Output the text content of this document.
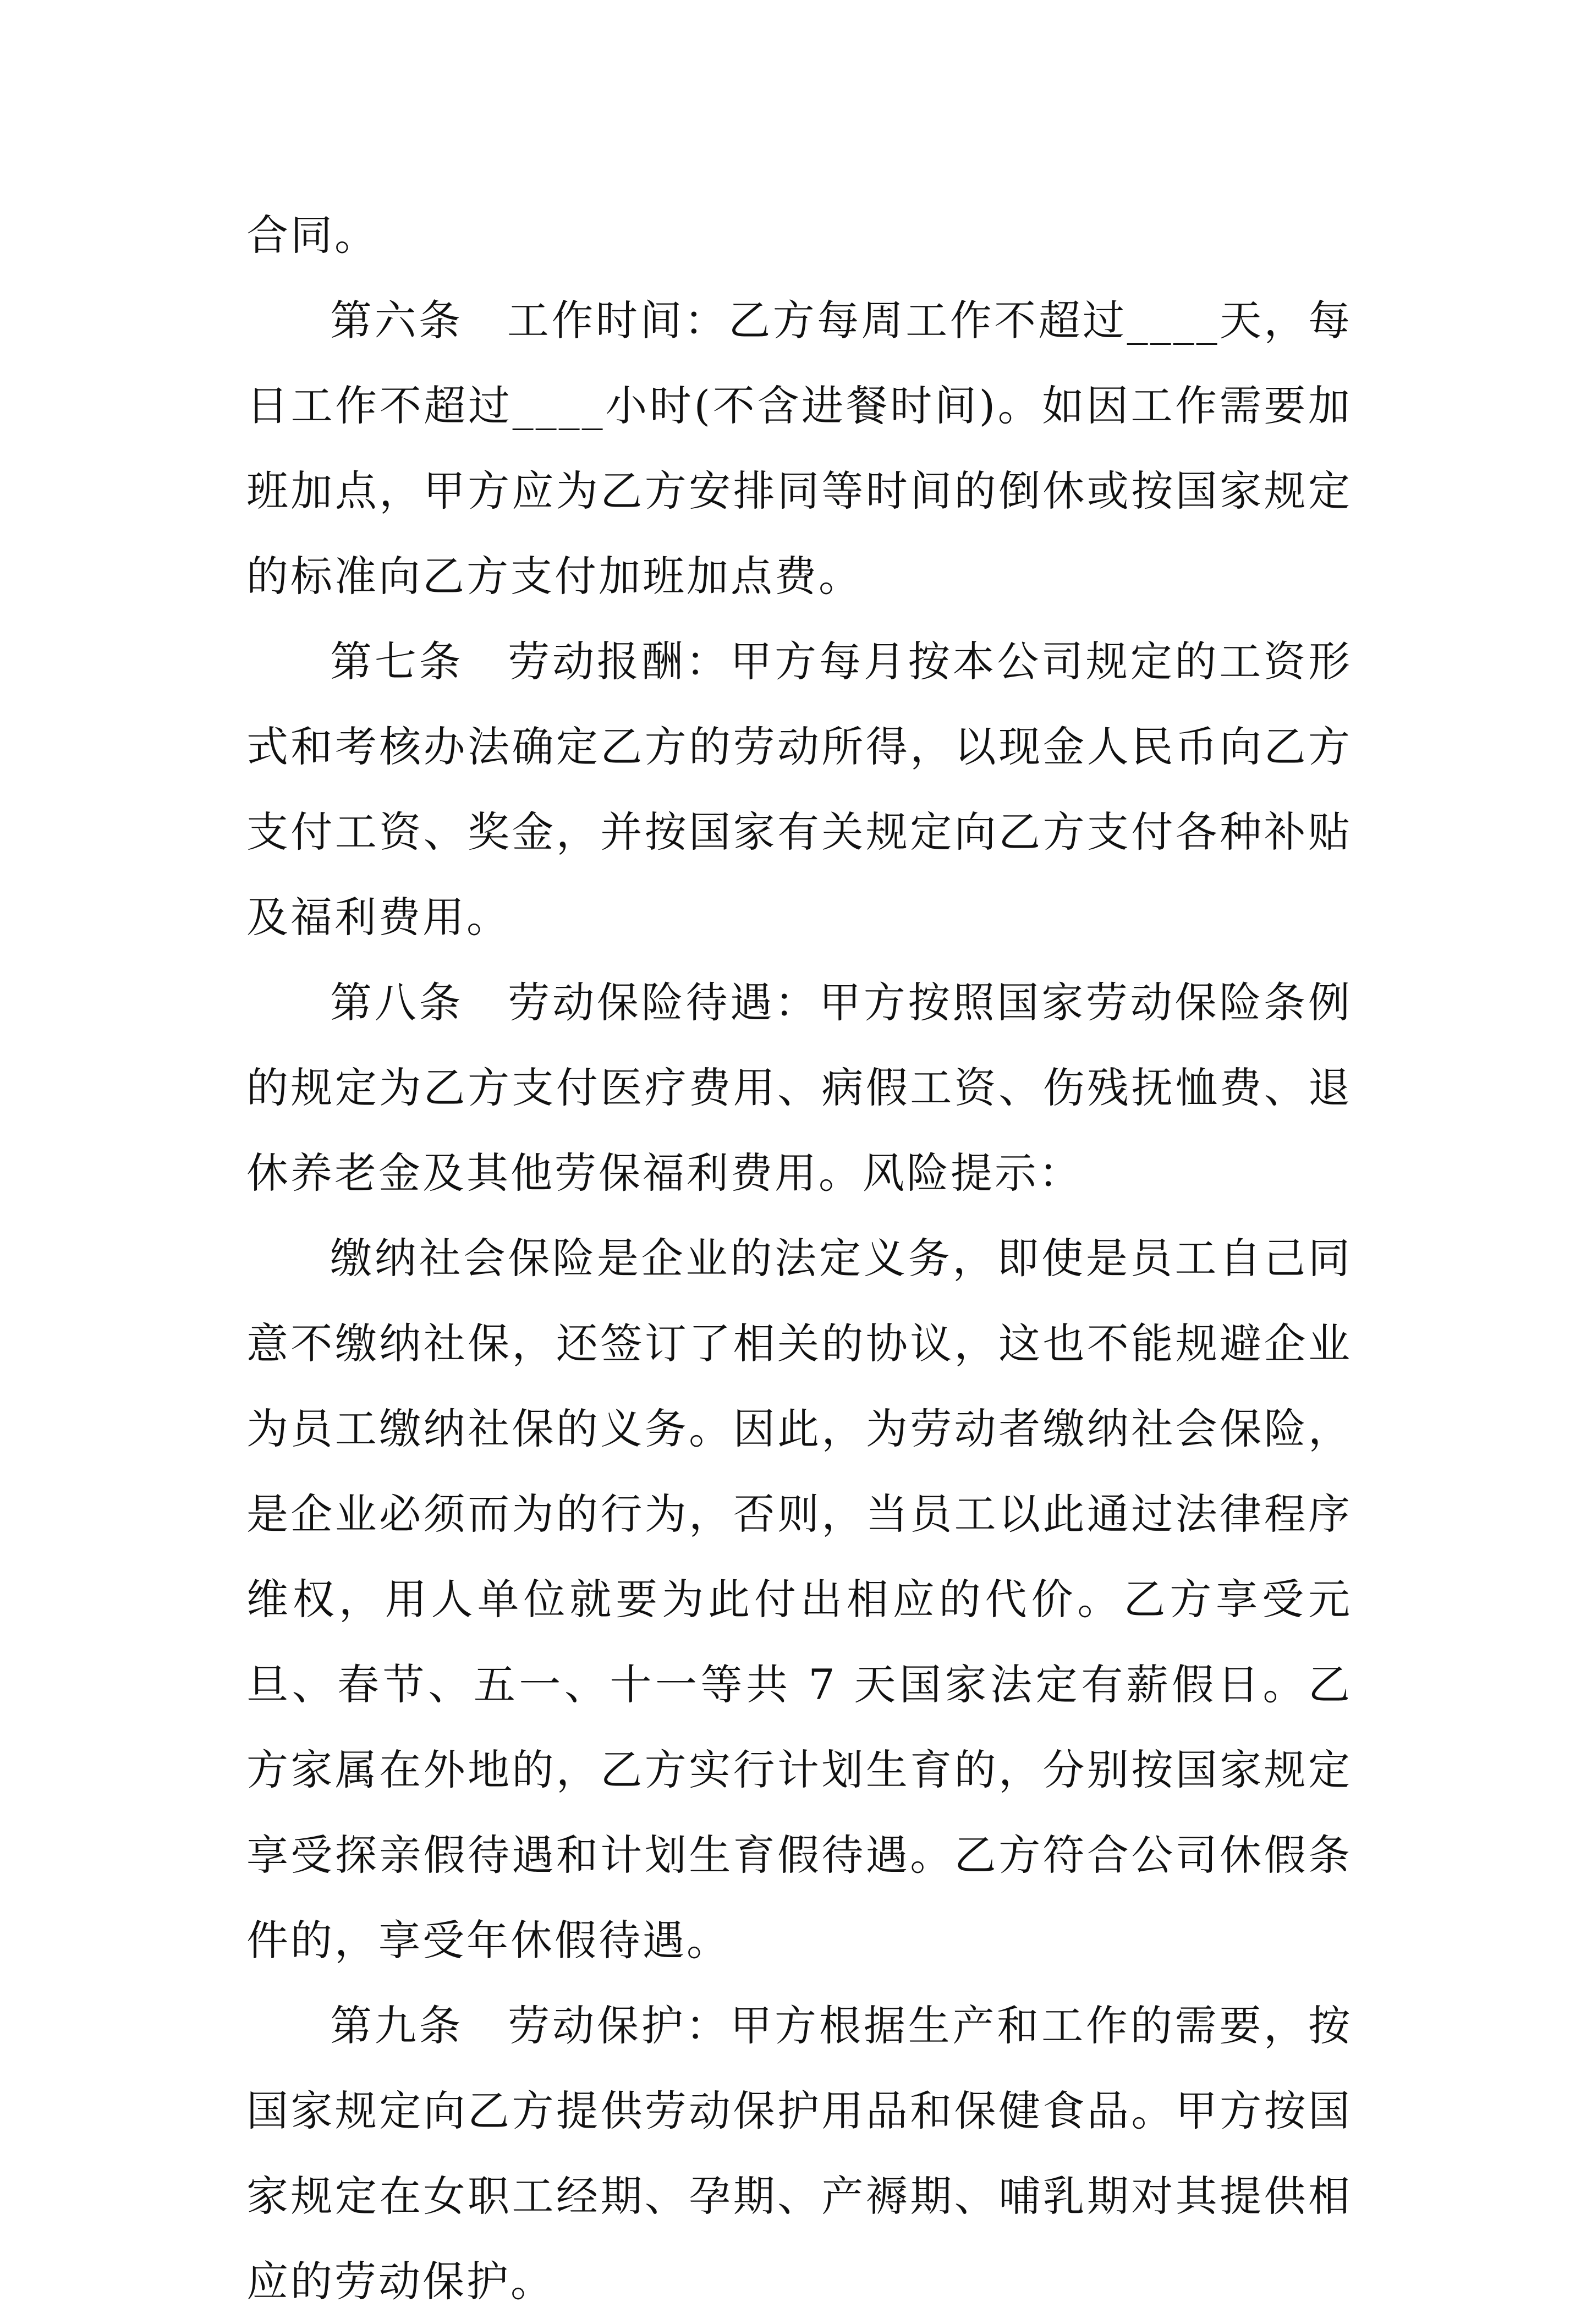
合同。

第六条　工作时间：乙方每周工作不超过____天，每日工作不超过____小时(不含进餐时间)。如因工作需要加班加点，甲方应为乙方安排同等时间的倒休或按国家规定的标准向乙方支付加班加点费。

第七条　劳动报酬：甲方每月按本公司规定的工资形式和考核办法确定乙方的劳动所得，以现金人民币向乙方支付工资、奖金，并按国家有关规定向乙方支付各种补贴及福利费用。

第八条　劳动保险待遇：甲方按照国家劳动保险条例的规定为乙方支付医疗费用、病假工资、伤残抚恤费、退休养老金及其他劳保福利费用。风险提示：

缴纳社会保险是企业的法定义务，即使是员工自己同意不缴纳社保，还签订了相关的协议，这也不能规避企业为员工缴纳社保的义务。因此，为劳动者缴纳社会保险，是企业必须而为的行为，否则，当员工以此通过法律程序维权，用人单位就要为此付出相应的代价。乙方享受元旦、春节、五一、十一等共 7 天国家法定有薪假日。乙方家属在外地的，乙方实行计划生育的，分别按国家规定享受探亲假待遇和计划生育假待遇。乙方符合公司休假条件的，享受年休假待遇。

第九条　劳动保护：甲方根据生产和工作的需要，按国家规定向乙方提供劳动保护用品和保健食品。甲方按国家规定在女职工经期、孕期、产褥期、哺乳期对其提供相应的劳动保护。
